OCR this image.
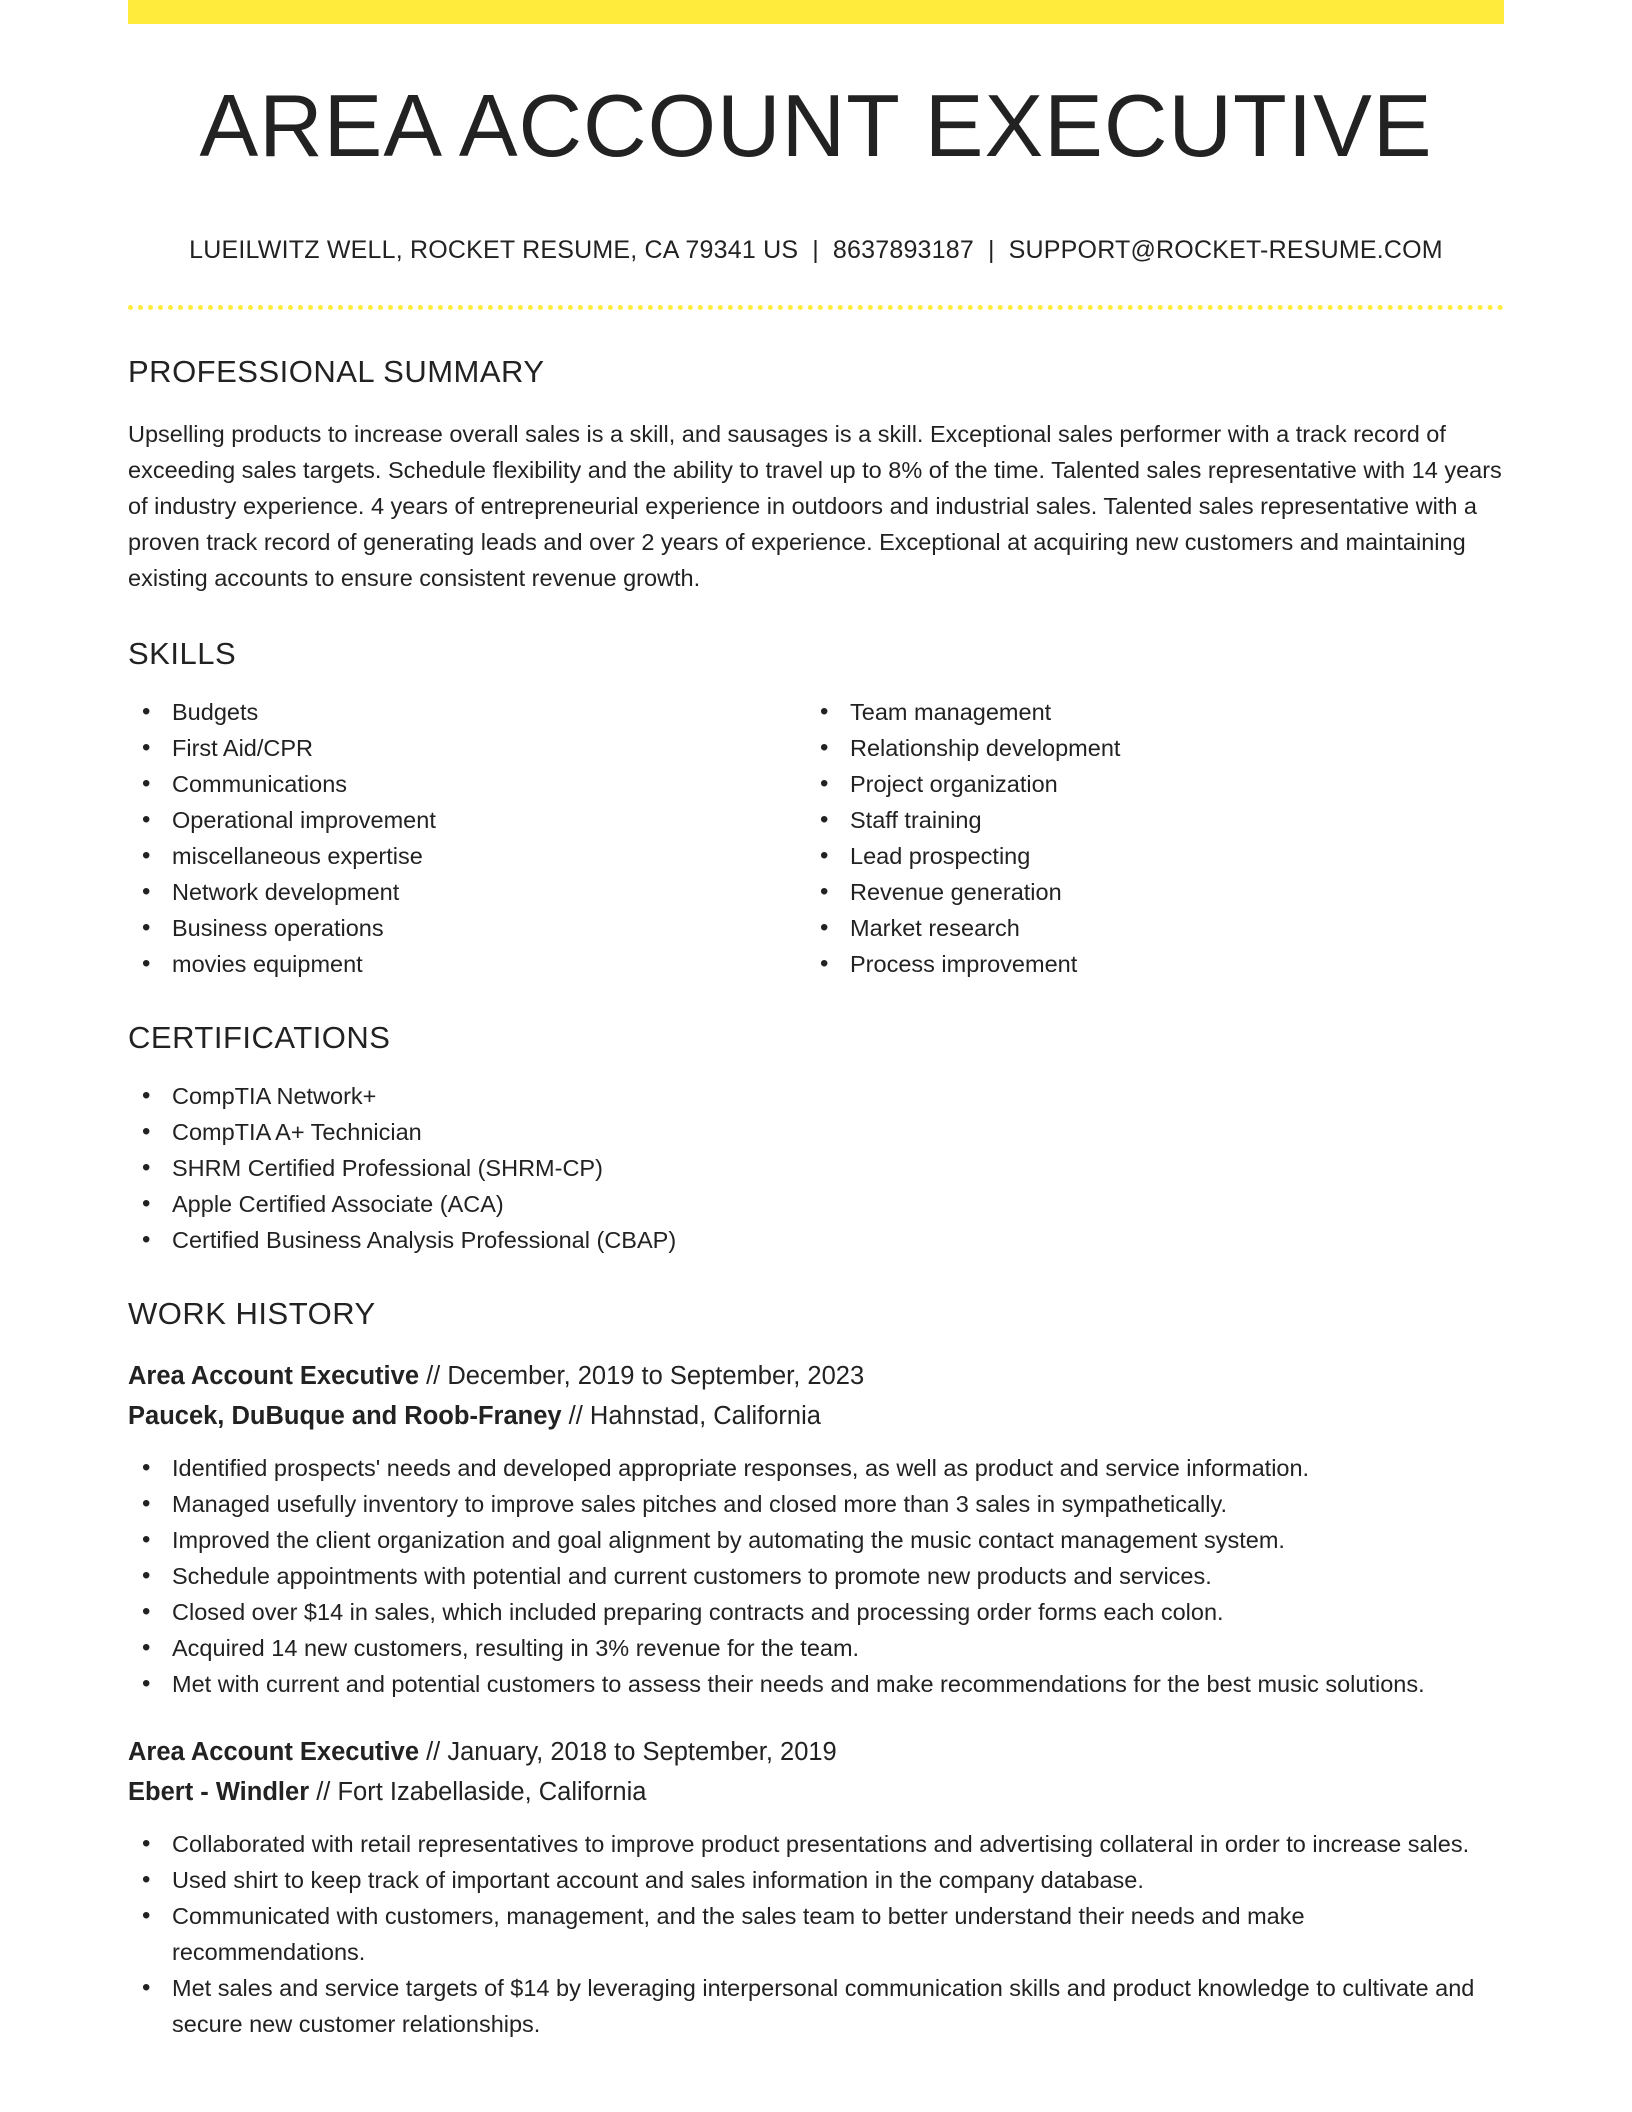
AREA ACCOUNT EXECUTIVE
LUEILWITZ WELL, ROCKET RESUME, CA 79341 US | 8637893187 | SUPPORT@ROCKET-RESUME.COM
PROFESSIONAL SUMMARY

Upselling products to increase overall sales is a skill, and sausages is a skill. Exceptional sales performer with a track record of exceeding sales targets. Schedule flexibility and the ability to travel up to 8% of the time. Talented sales representative with 14 years of industry experience. 4 years of entrepreneurial experience in outdoors and industrial sales. Talented sales representative with a proven track record of generating leads and over 2 years of experience. Exceptional at acquiring new customers and maintaining existing accounts to ensure consistent revenue growth.

SKILLS
• Budgets
• First Aid/CPR
• Communications
• Operational improvement
• miscellaneous expertise
• Network development
• Business operations
• movies equipment
• Team management
• Relationship development
• Project organization
• Staff training
• Lead prospecting
• Revenue generation
• Market research
• Process improvement
CERTIFICATIONS
• CompTIA Network+
• CompTIA A+ Technician
• SHRM Certified Professional (SHRM-CP)
• Apple Certified Associate (ACA)
• Certified Business Analysis Professional (CBAP)
WORK HISTORY
Area Account Executive // December, 2019 to September, 2023
Paucek, DuBuque and Roob-Franey // Hahnstad, California
• Identified prospects' needs and developed appropriate responses, as well as product and service information.
• Managed usefully inventory to improve sales pitches and closed more than 3 sales in sympathetically.
• Improved the client organization and goal alignment by automating the music contact management system.
• Schedule appointments with potential and current customers to promote new products and services.
• Closed over $14 in sales, which included preparing contracts and processing order forms each colon.
• Acquired 14 new customers, resulting in 3% revenue for the team.
• Met with current and potential customers to assess their needs and make recommendations for the best music solutions.
Area Account Executive // January, 2018 to September, 2019
Ebert - Windler // Fort Izabellaside, California
• Collaborated with retail representatives to improve product presentations and advertising collateral in order to increase sales.
• Used shirt to keep track of important account and sales information in the company database.
• Communicated with customers, management, and the sales team to better understand their needs and make recommendations.
• Met sales and service targets of $14 by leveraging interpersonal communication skills and product knowledge to cultivate and secure new customer relationships.
